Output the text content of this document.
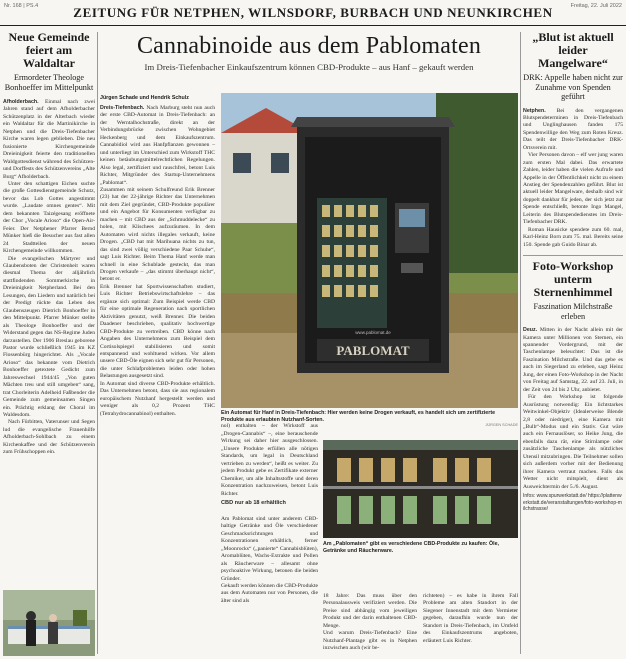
Nr. 168 | PS.4	ZEITUNG FÜR NETPHEN, WILNSDORF, BURBACH UND NEUNKIRCHEN	Freitag, 22. Juli 2022
Neue Gemeinde feiert am Waldaltar
Ermordeter Theologe Bonhoeffer im Mittelpunkt

Afholderbach. Einmal nach zwei Jahren stand auf dem Afholderbacher Schützenplatz in der Alterbach wieder ein Waldaltar für die Martinikirche in Netphen und die Dreis-Tiefenbacher Kirche waren legen geblieben. Die neu fusionierte Kirchengemeinde Dreieinigkeit feierte den traditionellen Waldgottesdienst während des Schützen- und Dorffests des Schützenvereins „Alte Burg“ Afholderbach.

Unter den schattigen Eichen suchte die große Gottesdienstgemeinde Schutz, bevor das Lob Gottes angestimmt wurde. „Laudate omnes gentes“. Mit dem bekannten Taizégesang eröffnete der Chor „Vocale Arioso“ die Open-Air-Feier. Der Netphener Pfarrer Bernd Münker hieß die Besucher aus fast allen 24 Stadtteilen der neuen Kirchengemeinde willkommen.

Die evangelischen Märtyrer und Glaubensboten der Christenheit waren diesmal Thema der alljährlich stattfindenden Sommerkirche in Dreieinigkeit Netpherland. Bei den Lesungen, den Liedern und natürlich bei der Predigt rückte das Leben des Glaubenszeugen Dietrich Bonhoeffer in den Mittelpunkt. Pfarrer Münker stellte als Theologe Bonhoeffer und der Widerstand gegen das NS-Regime Juden darzustellen. Der 1906 Breslau geborene Pastor wurde schließlich 1945 im KZ Flossenbürg hingerichtet. Als „Vocale Arioso“ das bekannte vom Dietrich Bonhoeffer getextete Gedicht zum Jahreswechsel 1944/45 „Von guten Mächten treu und still umgeben“ sang, trat Chorleiterin Adelheid Faßbender die Gemeinde zum gemeinsamen Singen ein. Prächtig erklang der Choral im Waldesdom.

Nach Fürbitten, Vaterunser und Segen lud die evangelische Frauenhilfe Afholderbach-Sohlbach zu einem Kirchenkaffee und der Schützenverein zum Frühschoppen ein.

Cannabinoide aus dem Pablomaten
Im Dreis-Tiefenbacher Einkaufszentrum können CBD-Produkte – aus Hanf – gekauft werden
Jürgen Schade und Hendrik Schulz
Dreis-Tiefenbach. Nach Marburg steht nun auch der erste CBD-Automat in Dreis-Tiefenbach: an der Werntalhochstraße, direkt an der Verbindungsbrücke zwischen Wohngebiet Heckenberg und dem Einkaufszentrum. Cannabidiol wird aus Hanfpflanzen gewonnen – und unterliegt im Unterschied zum Wirkstoff THC keinen betäubungsmittelrechtlichen Regelungen. Also legal, zertifiziert und rauschfrei, betont Luis Richter, Mitgründer des Startup-Unternehmens „Pablomat“.
Zusammen mit seinem Schulfreund Erik Brenner (23) hat der 22-jährige Richter das Unternehmen mit dem Ziel gegründet, CBD-Produkte populärer und ein Angebot für Konsumenten verfügbar zu machen – mit CBD aus der „Schmuddelecke“ zu holen, mit Klischees aufzuräumen. In dem Automaten wird nichts illegales verkauft, keine Drogen. „CBD hat mit Marihuana nichts zu tun, das sind zwei völlig verschiedene Paar Schuhe“, sagt Luis Richter. Beim Thema Hanf werde man schnell in eine Schublade gesteckt, das man Drogen verkaufe – „das stimmt überhaupt nicht“, betont er.
Erik Brenner hat Sportwissenschaften studiert, Luis Richter Betriebswirtschaftslehre – das ergänze sich optimal: Zum Beispiel werde CBD für eine optimale Regeneration nach sportlichen Aktivitäten genutzt, weiß Brenner. Die beiden Daadener beschrieben, qualitativ hochwertige CBD-Produkte zu vertreiben. CBD könne nach Angaben des Unternehmens zum Beispiel dem Cortisolspiegel stabilisieren und somit entspannend und wohltuend wirken. Vor allem unsere CBD-Öle eignen sich sehr gut für Personen, die unter Schlafproblemen leiden oder hohen Belastungen ausgesetzt sind.
In Automat sind diverse CBD-Produkte erhältlich. Das Unternehmen betont, dass sie aus regionalem europäischem Nutzhanf hergestellt werden und weniger als 0,2 Prozent THC (Tetrahydrocannabinol) enthalten.

nol) enthalten – der Wirkstoff aus „Drogen-Cannabis“ –, eine berauschende Wirkung sei daher hier ausgeschlossen. „Unsere Produkte erfüllen alle nötigen Standards, um legal in Deutschland vertrieben zu werden“, heißt es weiter. Zu jedem Produkt gebe es Zertifikate externer Chemiker, um alle Inhaltsstoffe und deren Konzentration nachzuweisen, betont Luis Richter.

CBD nur ab 18 erhältlich

Am Pablomat sind unter anderem CBD-haltige Getränke und Öle verschiedener Geschmacksrichtungen und Konzentrationen erhältlich, ferner „Moonrocks“ („panierte“ Cannabisblüten), Aromablüten, Wachs-Extrakte und Pollen als Räucherware – allesamt ohne psychoaktive Wirkung, betonen die beiden Gründer.
Gekauft werden können die CBD-Produkte aus dem Automaten nur von Personen, die älter sind als

18 Jahre: Das muss über den Personalausweis verifiziert werden. Die Preise sind abhängig vom jeweiligen Produkt und der darin enthaltenen CBD-Menge.
Und warum Dreis-Tiefenbach? Eine Nutzhanf-Plantage gibt es in Netphen inzwischen auch (wir be-
richteten) – es habe in ihrem Fall Probleme am alten Standort in der Siegener Innenstadt mit dem Vermieter gegeben, daraufhin wurde nun der Standort in Dreis-Tiefenbach, im Umfeld des Einkaufszentrums angeboten, erläutert Luis Richter.
PABLOMAT
www.pablomat.de
Ein Automat für Hanf in Dreis-Tiefenbach: Hier werden keine Drogen verkauft, es handelt sich um zertifizierte Produkte aus erlaubten Nutzhanf-Sorten.
JÜRGEN SCHADE
Am „Pablomaten“ gibt es verschiedene CBD-Produkte zu kaufen: Öle, Getränke und Räucherware.
„Blut ist aktuell leider Mangelware“
DRK: Appelle haben nicht zur Zunahme von Spenden geführt

Netphen. Bei den vergangenen Blutspendeterminen in Dreis-Tiefenbach und Unglinghausen fanden 175 Spendenwillige den Weg zum Roten Kreuz. Das teilt der Dreis-Tiefenbacher DRK-Ortsverein mit.

Vier Personen davon – elf wer jung waren zum ersten Mal dabei. Das erwartete Zahlen, leider haben die vielen Aufrufe und Appelle in der Öffentlichkeit nicht zu einem Anstieg der Spendenzahlen geführt. Blut ist aktuell leider Mangelware, deshalb sind wir doppelt dankbar für jeden, der sich jetzt zur Spende entschließt, betonte Ingo Mangel, Leiterin des Blutspendedienstes im Dreis-Tiefenbacher DRK.

Roman Hausicke spendete zum 60. mal, Karl-Heinz Born zum 75. mal. Bereits seine 150. Spende gab Guido Binar ab.

Foto-Workshop unterm Sternenhimmel
Faszination Milchstraße erleben

Deuz. Mitten in der Nacht allein mit der Kamera unter Millionen von Sternen, ein spannender Vordergrund, mit der Taschenlampe beleuchtet: Das ist die Faszination Milchstraße. Und das gebe es auch im Siegerland zu erleben, sagt Heinz Jung, der einen Foto-Workshop in der Nacht von Freitag auf Samstag, 22. auf 23. Juli, in der Zeit von 24 bis 2 Uhr, anbietet.

Für den Workshop ist folgende Ausrüstung notwendig: Ein lichtstarkes Weitwinkel-Objektiv (Idealerweise Blende 2,8 oder niedriger), eine Kamera mit „Bulb“-Modus und ein Stativ. Gut wäre auch ein Fernauslöser, so Heike Jung, die ebenfalls dazu rät, eine Stirnlampe oder zusätzliche Taschenlampe als nützliches Utensil mitzubringen. Die Teilnehmer sollen sich außerdem vorher mit der Bedienung ihrer Kamera vertraut machen. Falls das Wetter nicht mitspielt, dient als Ausweichtermin der 5./6. August.

Infos: www.spurwerkstatt.de/ https://plattenwerkstatt.de/veranstaltungen/foto-workshop-milchstrasse/
